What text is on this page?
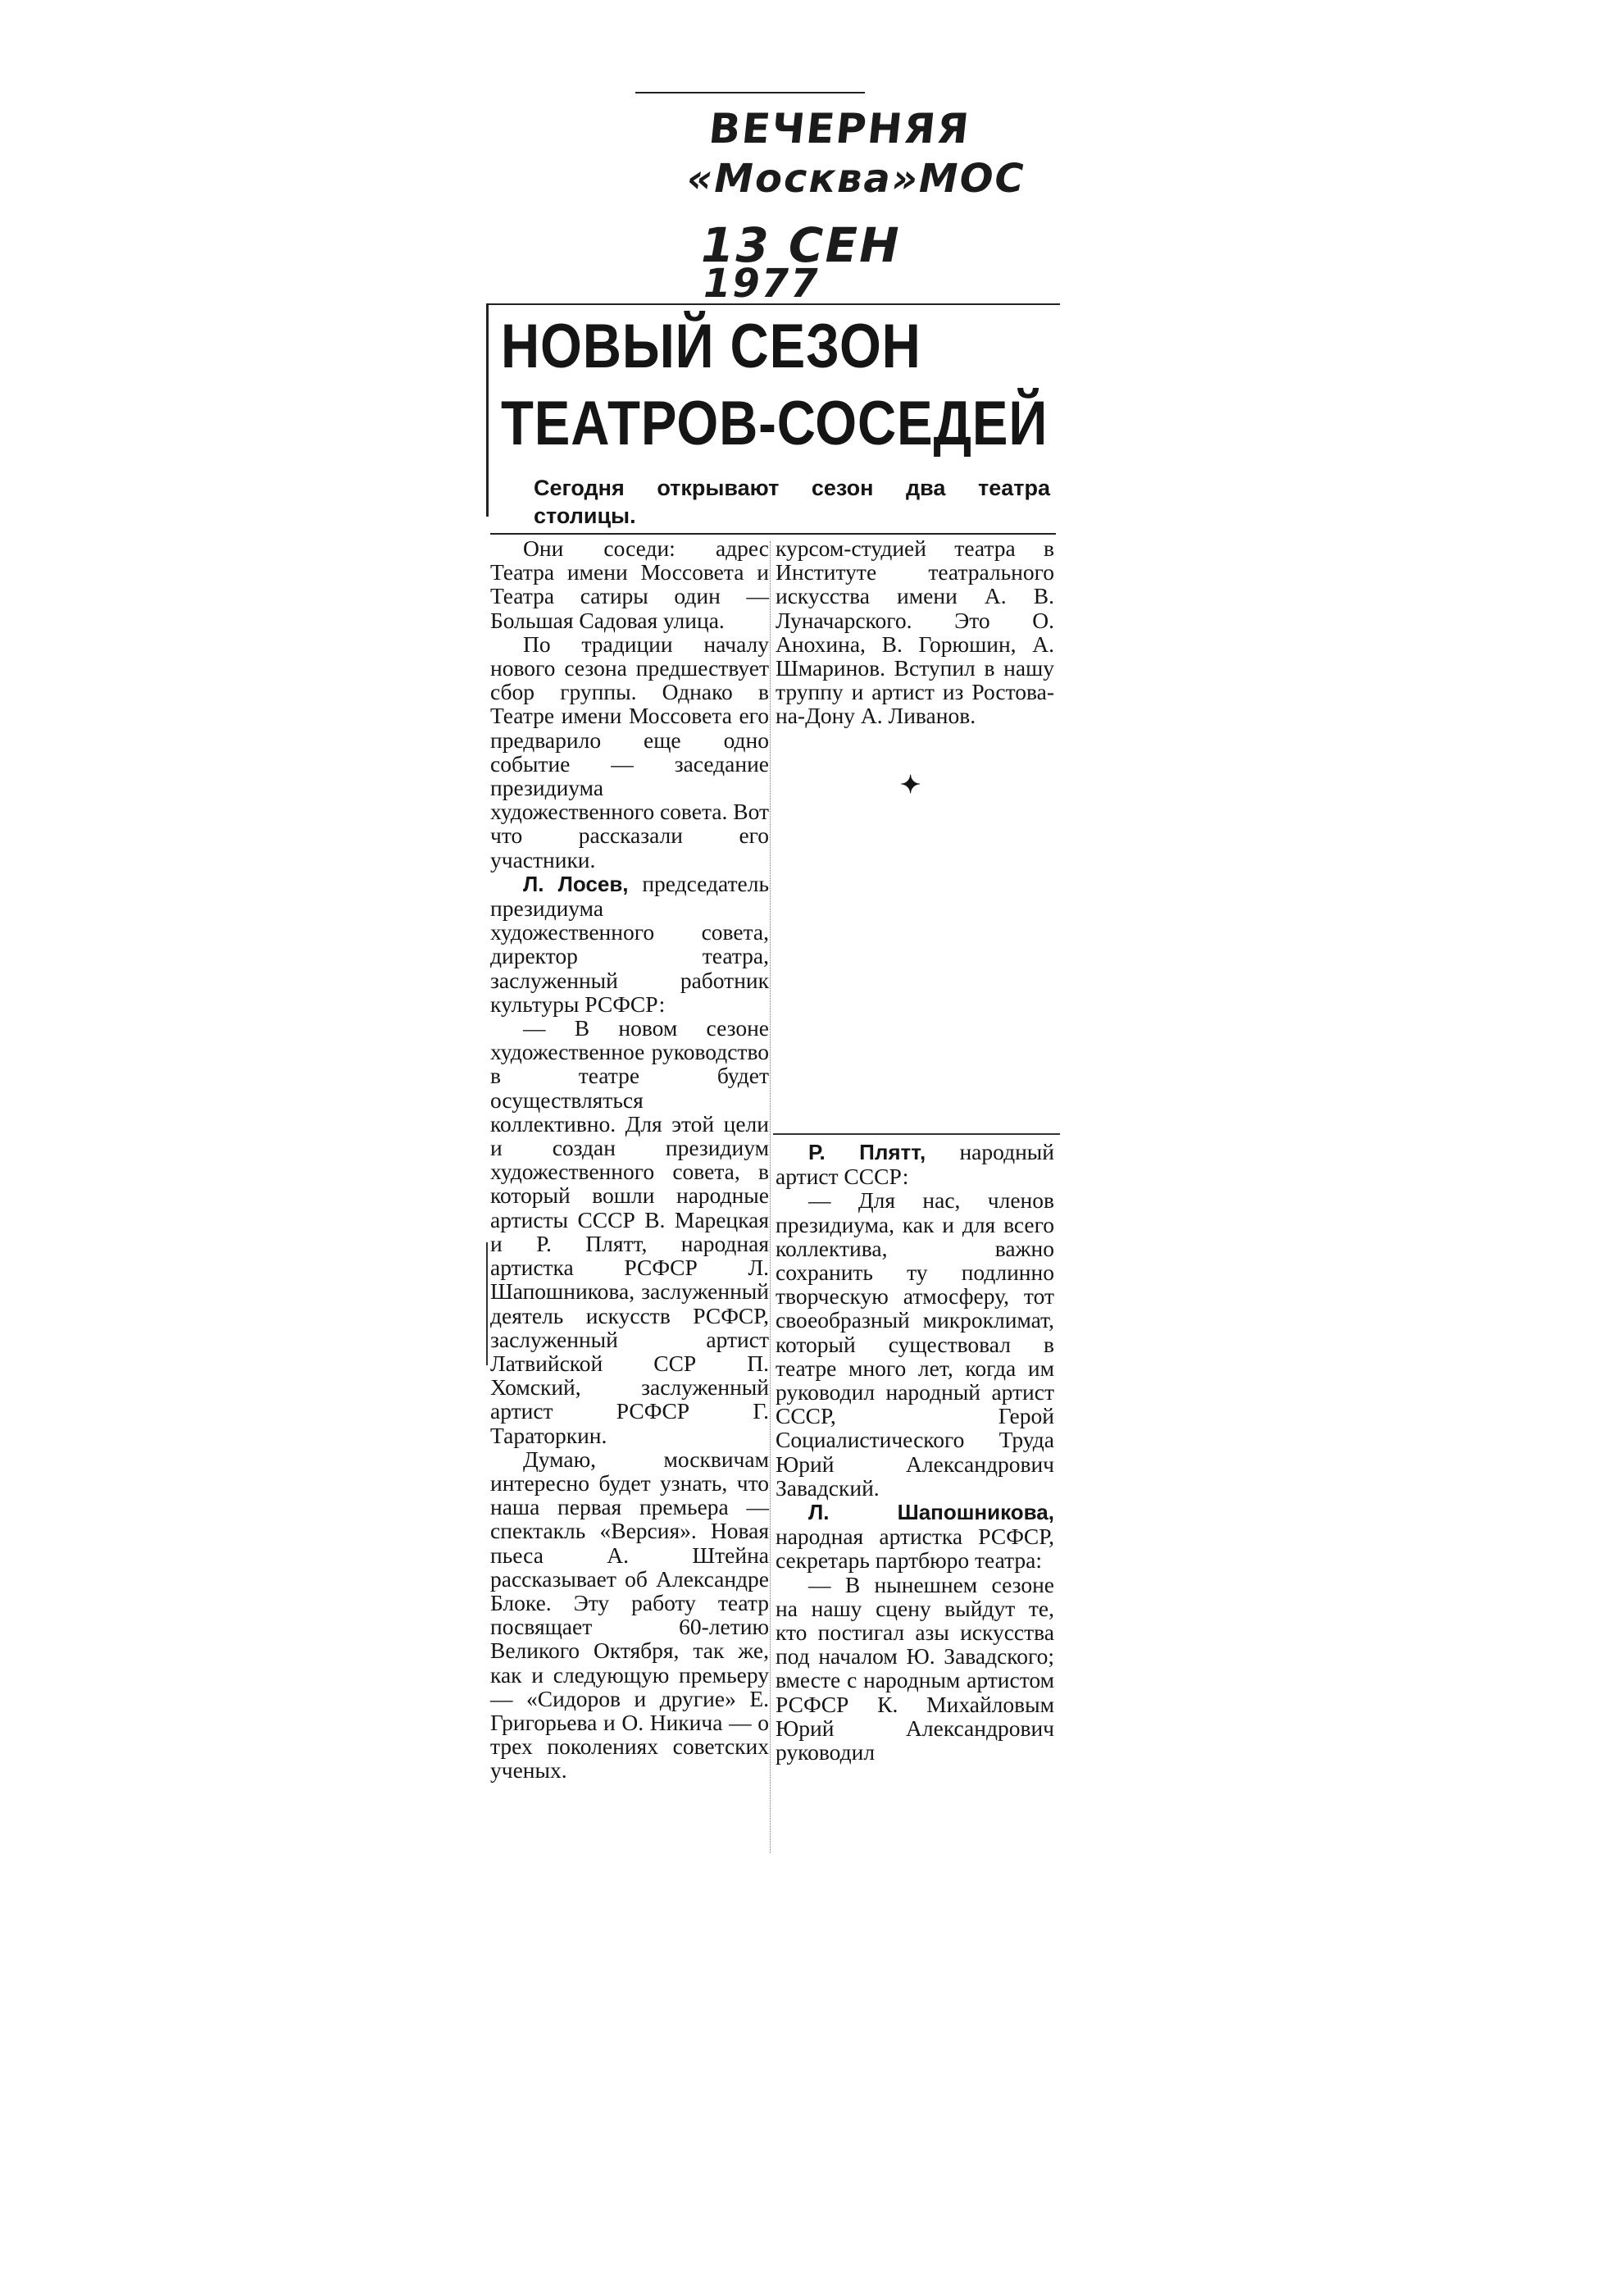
ВЕЧЕРНЯЯ
«Москва»МОС
13 СЕН
1977
НОВЫЙ СЕЗОН
ТЕАТРОВ-СОСЕДЕЙ
Сегодня открывают сезон два театра столицы.

Они соседи: адрес Театра имени Моссовета и Театра сатиры один — Большая Садовая улица.

По традиции началу нового сезона предшествует сбор группы. Однако в Театре имени Моссовета его предварило еще одно событие — заседание президиума художественного совета. Вот что рассказали его участники.

Л. Лосев, председатель президиума художественного совета, директор театра, заслуженный работник культуры РСФСР:

— В новом сезоне художественное руководство в театре будет осуществляться коллективно. Для этой цели и создан президиум художественного совета, в который вошли народные артисты СССР В. Марецкая и Р. Плятт, народная артистка РСФСР Л. Шапошникова, заслуженный деятель искусств РСФСР, заслуженный артист Латвийской ССР П. Хомский, заслуженный артист РСФСР Г. Тараторкин.

Думаю, москвичам интересно будет узнать, что наша первая премьера — спектакль «Версия». Новая пьеса А. Штейна рассказывает об Александре Блоке. Эту работу театр посвящает 60-летию Великого Октября, так же, как и следующую премьеру — «Сидоров и другие» Е. Григорьева и О. Никича — о трех поколениях советских ученых.

курсом-студией театра в Институте театрального искусства имени А. В. Луначарского. Это О. Анохина, В. Горюшин, А. Шмаринов. Вступил в нашу труппу и артист из Ростова-на-Дону А. Ливанов.

✦

Р. Плятт, народный артист СССР:

— Для нас, членов президиума, как и для всего коллектива, важно сохранить ту подлинно творческую атмосферу, тот своеобразный микроклимат, который существовал в театре много лет, когда им руководил народный артист СССР, Герой Социалистического Труда Юрий Александрович Завадский.

Л. Шапошникова, народная артистка РСФСР, секретарь партбюро театра:

— В нынешнем сезоне на нашу сцену выйдут те, кто постигал азы искусства под началом Ю. Завадского; вместе с народным артистом РСФСР К. Михайловым Юрий Александрович руководил
